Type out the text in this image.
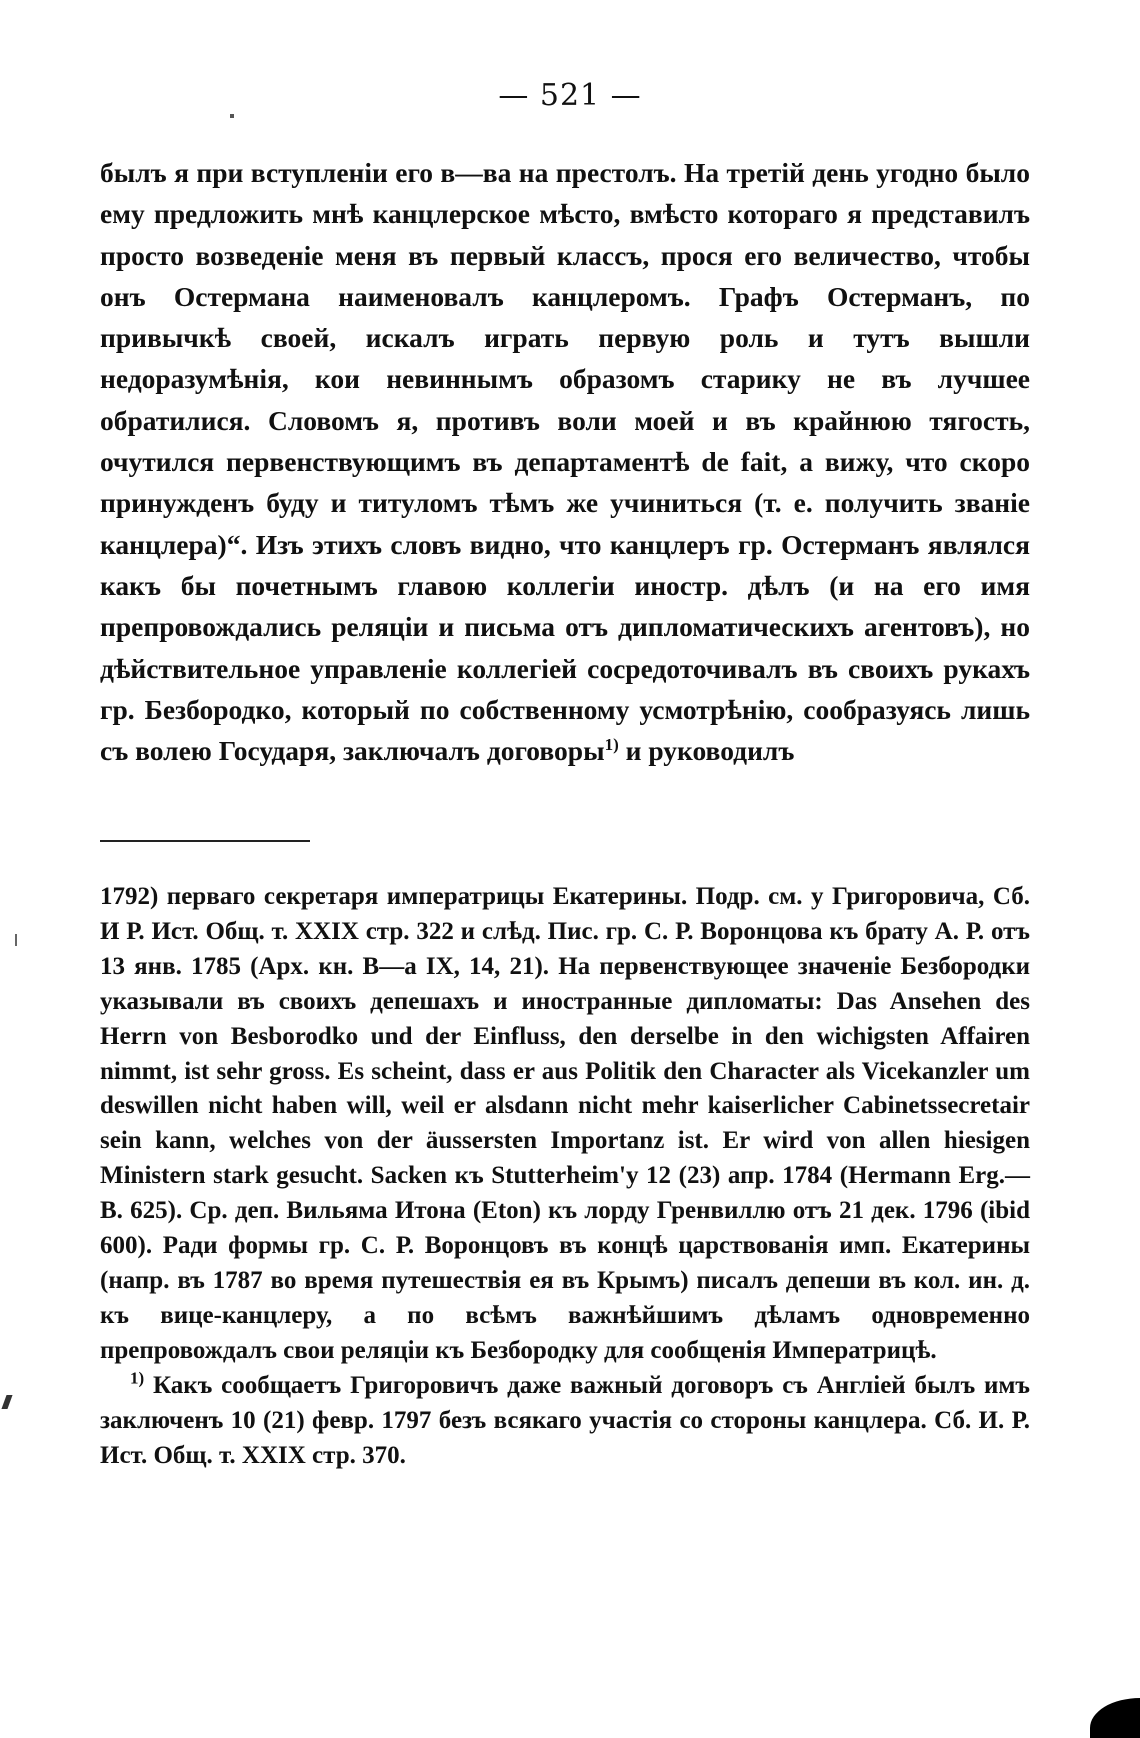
— 521 —

былъ я при вступленіи его в—ва на престолъ. На третій день угодно было ему предложить мнѣ канцлерское мѣсто, вмѣсто котораго я представилъ просто возведеніе меня въ первый классъ, прося его величество, чтобы онъ Остермана наименовалъ канцлеромъ. Графъ Остерманъ, по привычкѣ своей, искалъ играть первую роль и тутъ вышли недоразумѣнія, кои невиннымъ образомъ старику не въ лучшее обратилися. Словомъ я, противъ воли моей и въ крайнюю тягость, очутился первенствующимъ въ департаментѣ de fait, а вижу, что скоро принужденъ буду и титуломъ тѣмъ же учиниться (т. е. получить званіе канцлера)“. Изъ этихъ словъ видно, что канцлеръ гр. Остерманъ являлся какъ бы почетнымъ главою коллегіи иностр. дѣлъ (и на его имя препровождались реляціи и письма отъ дипломатическихъ агентовъ), но дѣйствительное управленіе коллегіей сосредоточивалъ въ своихъ рукахъ гр. Безбородко, который по собственному усмотрѣнію, сообразуясь лишь съ волею Государя, заключалъ договоры$^{1)}$ и руководилъ

1792) перваго секретаря императрицы Екатерины. Подр. см. у Григоровича, Сб. И Р. Ист. Общ. т. XXIX стр. 322 и слѣд. Пис. гр. С. Р. Воронцова къ брату А. Р. отъ 13 янв. 1785 (Арх. кн. В—а IX, 14, 21). На первенствующее значеніе Безбородки указывали въ своихъ депешахъ и иностранные дипломаты: Das Ansehen des Herrn von Besborodko und der Einfluss, den derselbe in den wichigsten Affairen nimmt, ist sehr gross. Es scheint, dass er aus Politik den Character als Vicekanzler um deswillen nicht haben will, weil er alsdann nicht mehr kaiserlicher Cabinetssecretair sein kann, welches von der äussersten Importanz ist. Er wird von allen hiesigen Ministern stark gesucht. Sacken къ Stutterheim'у 12 (23) апр. 1784 (Hermann Erg.—B. 625). Ср. деп. Вильяма Итона (Eton) къ лорду Гренвиллю отъ 21 дек. 1796 (ibid 600). Ради формы гр. С. Р. Воронцовъ въ концѣ царствованія имп. Екатерины (напр. въ 1787 во время путешествія ея въ Крымъ) писалъ депеши въ кол. ин. д. къ вице-канцлеру, а по всѣмъ важнѣйшимъ дѣламъ одновременно препровождалъ свои реляціи къ Безбородку для сообщенія Императрицѣ.

$^{1)}$ Какъ сообщаетъ Григоровичъ даже важный договоръ съ Англіей былъ имъ заключенъ 10 (21) февр. 1797 безъ всякаго участія со стороны канцлера. Сб. И. Р. Ист. Общ. т. XXIX стр. 370.
